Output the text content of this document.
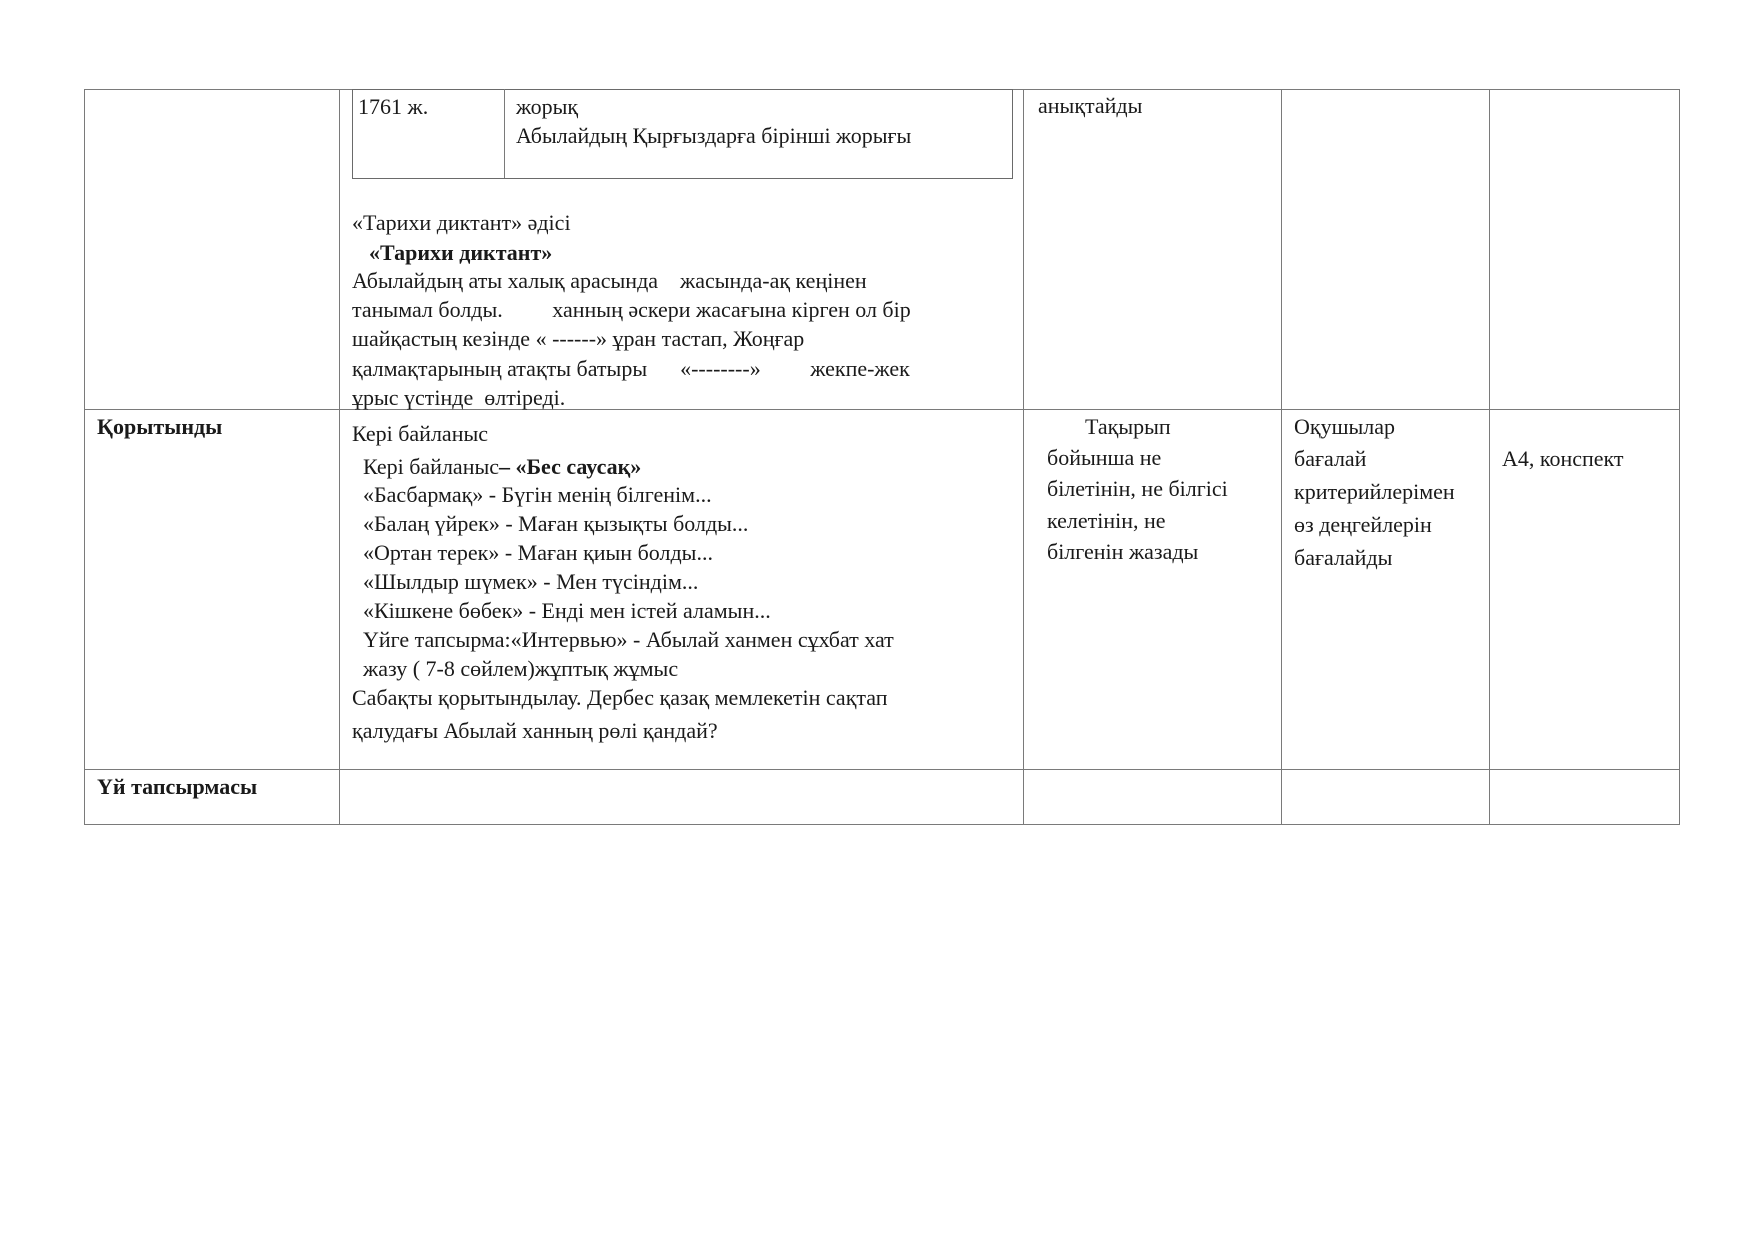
1761 ж.	жорық
Абылайдың Қырғыздарға бірінші жорығы
«Тарихи диктант» әдісі
«Тарихи диктант»
Абылайдың аты халық арасында    жасында-ақ кеңінен
танымал болды.         ханның әскери жасағына кірген ол бір
шайқастың кезінде « ------» ұран тастап, Жоңғар
қалмақтарының атақты батыры      «--------»         жекпе-жек
ұрыс үстінде  өлтіреді.
анықтайды
Қорытынды	Кері байланыс
Кері байланыс– «Бес саусақ»
«Басбармақ» - Бүгін менің білгенім...
«Балаң үйрек» - Маған қызықты болды...
«Ортан терек» - Маған қиын болды...
«Шылдыр шүмек» - Мен түсіндім...
«Кішкене бөбек» - Енді мен істей аламын...
Үйге тапсырма:«Интервью» - Абылай ханмен сұхбат хат
жазу ( 7-8 сөйлем)жұптық жұмыс
Сабақты қорытындылау. Дербес қазақ мемлекетін сақтап
қалудағы Абылай ханның рөлі қандай?
Тақырып
бойынша не
білетінін, не білгісі
келетінін, не
білгенін жазады
Оқушылар
бағалай
критерийлерімен
өз деңгейлерін
бағалайды
А4, конспект
Үй тапсырмасы
